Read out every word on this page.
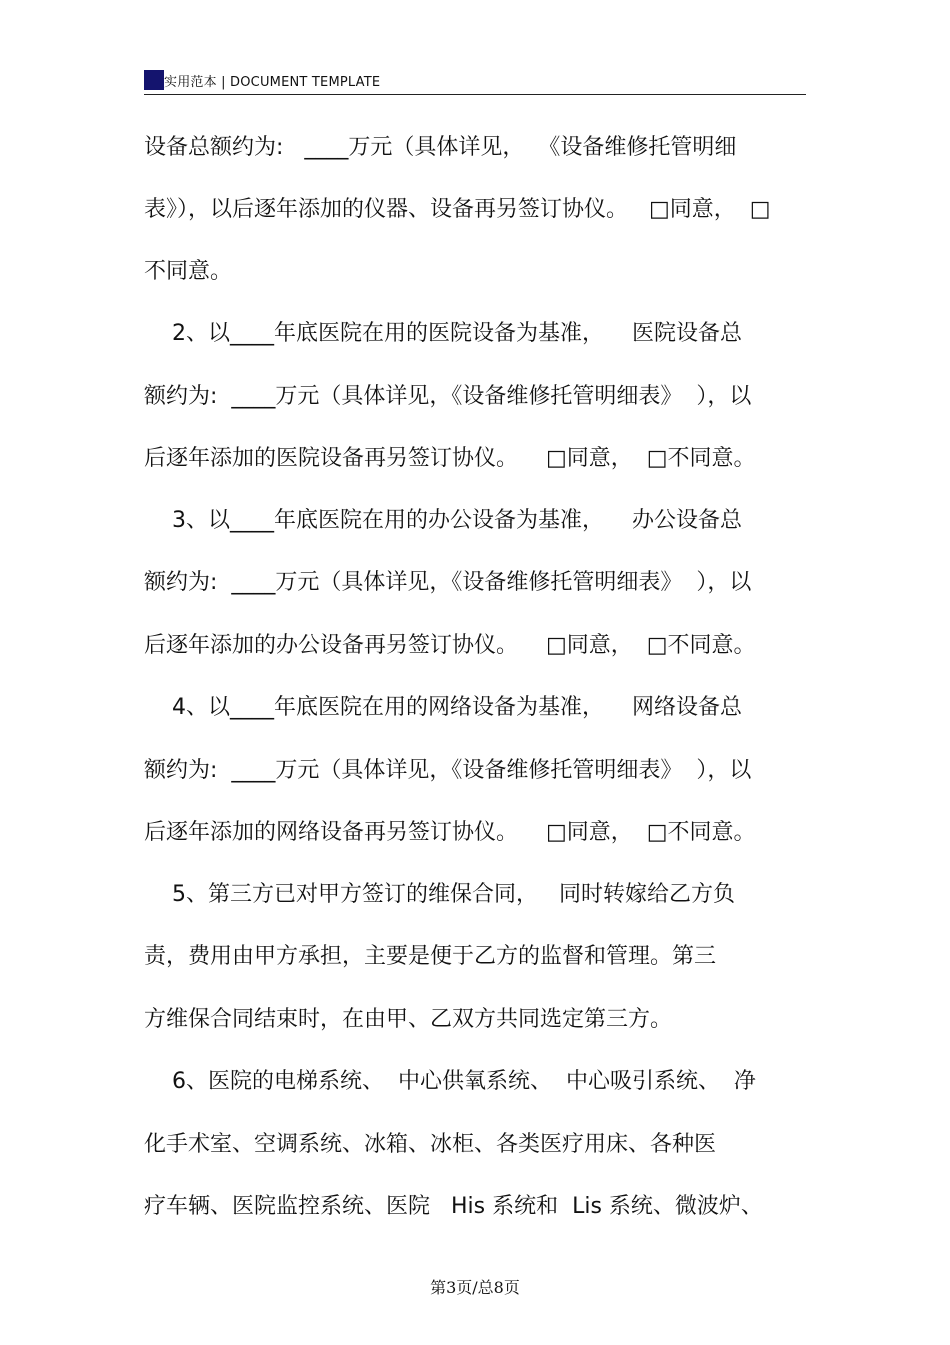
实用范本 | DOCUMENT TEMPLATE
设备总额约为:   ____万元（具体详见，  《设备维修托管明细
表》），以后逐年添加的仪器、设备再另签订协仪。   □同意，  □
不同意。
2、以____年底医院在用的医院设备为基准，    医院设备总
额约为:  ____万元（具体详见，《设备维修托管明细表》  ），以
后逐年添加的医院设备再另签订协仪。    □同意，  □不同意。
3、以____年底医院在用的办公设备为基准，    办公设备总
额约为:  ____万元（具体详见，《设备维修托管明细表》  ），以
后逐年添加的办公设备再另签订协仪。    □同意，  □不同意。
4、以____年底医院在用的网络设备为基准，    网络设备总
额约为:  ____万元（具体详见，《设备维修托管明细表》  ），以
后逐年添加的网络设备再另签订协仪。    □同意，  □不同意。
5、第三方已对甲方签订的维保合同，   同时转嫁给乙方负
责，费用由甲方承担，主要是便于乙方的监督和管理。第三
方维保合同结束时，在由甲、乙双方共同选定第三方。
6、医院的电梯系统、  中心供氧系统、  中心吸引系统、  净
化手术室、空调系统、冰箱、冰柜、各类医疗用床、各种医
疗车辆、医院监控系统、医院   His 系统和  Lis 系统、微波炉、
第3页/总8页
